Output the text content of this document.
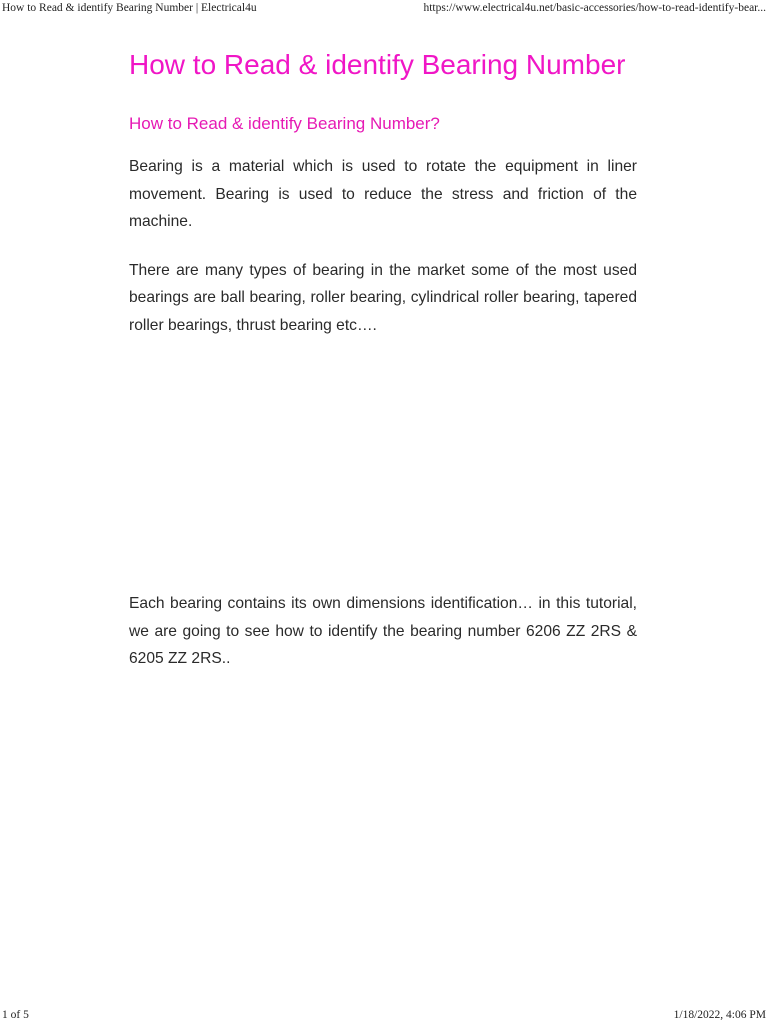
How to Read & identify Bearing Number | Electrical4u	https://www.electrical4u.net/basic-accessories/how-to-read-identify-bear...
How to Read & identify Bearing Number
How to Read & identify Bearing Number?

Bearing is a material which is used to rotate the equipment in liner movement. Bearing is used to reduce the stress and friction of the machine.

There are many types of bearing in the market some of the most used bearings are ball bearing, roller bearing, cylindrical roller bearing, tapered roller bearings, thrust bearing etc….

Each bearing contains its own dimensions identification… in this tutorial, we are going to see how to identify the bearing number 6206 ZZ 2RS & 6205 ZZ 2RS..

1 of 5	1/18/2022, 4:06 PM
